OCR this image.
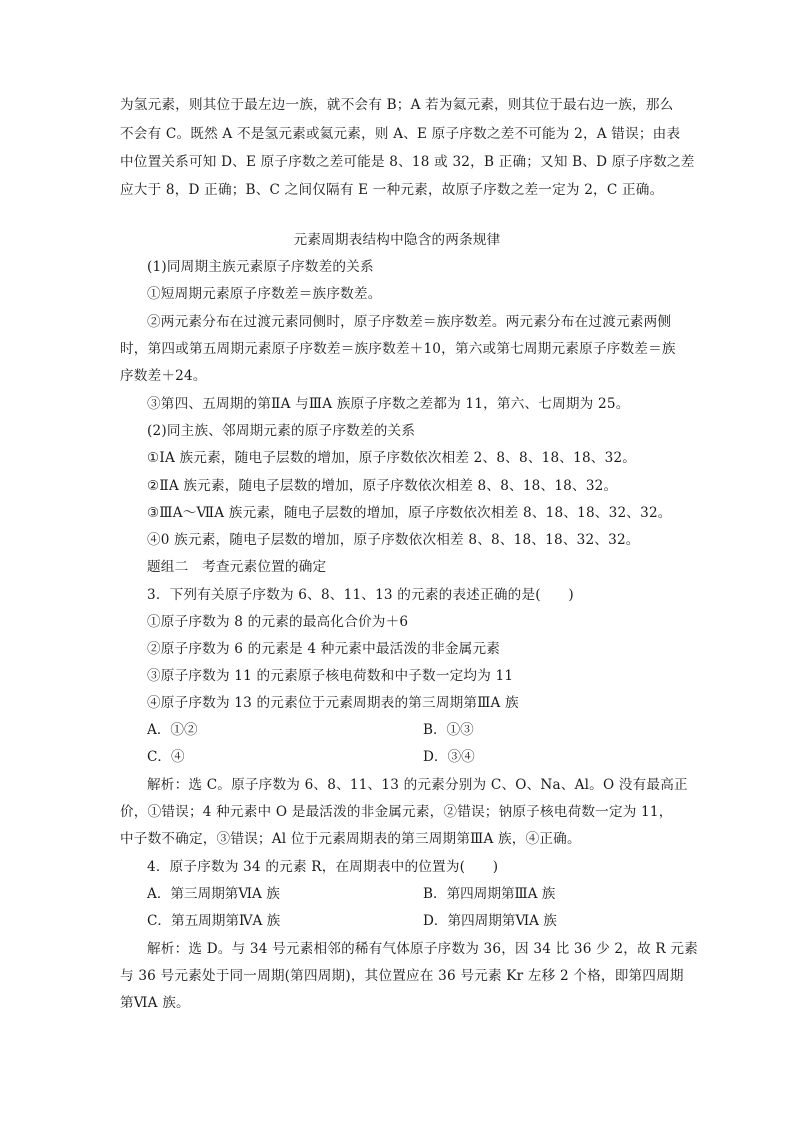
为氢元素，则其位于最左边一族，就不会有 B；A 若为氦元素，则其位于最右边一族，那么
不会有 C。既然 A 不是氢元素或氦元素，则 A、E 原子序数之差不可能为 2，A 错误；由表
中位置关系可知 D、E 原子序数之差可能是 8、18 或 32，B 正确；又知 B、D 原子序数之差
应大于 8，D 正确；B、C 之间仅隔有 E 一种元素，故原子序数之差一定为 2，C 正确。
元素周期表结构中隐含的两条规律
(1)同周期主族元素原子序数差的关系
①短周期元素原子序数差＝族序数差。
②两元素分布在过渡元素同侧时，原子序数差＝族序数差。两元素分布在过渡元素两侧
时，第四或第五周期元素原子序数差＝族序数差＋10，第六或第七周期元素原子序数差＝族
序数差＋24。
③第四、五周期的第ⅡA 与ⅢA 族原子序数之差都为 11，第六、七周期为 25。
(2)同主族、邻周期元素的原子序数差的关系
①ⅠA 族元素，随电子层数的增加，原子序数依次相差 2、8、8、18、18、32。
②ⅡA 族元素，随电子层数的增加，原子序数依次相差 8、8、18、18、32。
③ⅢA～ⅦA 族元素，随电子层数的增加，原子序数依次相差 8、18、18、32、32。
④0 族元素，随电子层数的增加，原子序数依次相差 8、8、18、18、32、32。
题组二　考查元素位置的确定
3．下列有关原子序数为 6、8、11、13 的元素的表述正确的是(　　)
①原子序数为 8 的元素的最高化合价为＋6
②原子序数为 6 的元素是 4 种元素中最活泼的非金属元素
③原子序数为 11 的元素原子核电荷数和中子数一定均为 11
④原子序数为 13 的元素位于元素周期表的第三周期第ⅢA 族
A．①②	B．①③
C．④	D．③④
解析：选 C。原子序数为 6、8、11、13 的元素分别为 C、O、Na、Al。O 没有最高正
价，①错误；4 种元素中 O 是最活泼的非金属元素，②错误；钠原子核电荷数一定为 11，
中子数不确定，③错误；Al 位于元素周期表的第三周期第ⅢA 族，④正确。
4．原子序数为 34 的元素 R，在周期表中的位置为(　　)
A．第三周期第ⅥA 族	B．第四周期第ⅢA 族
C．第五周期第ⅣA 族	D．第四周期第ⅥA 族
解析：选 D。与 34 号元素相邻的稀有气体原子序数为 36，因 34 比 36 少 2，故 R 元素
与 36 号元素处于同一周期(第四周期)，其位置应在 36 号元素 Kr 左移 2 个格，即第四周期
第ⅥA 族。
